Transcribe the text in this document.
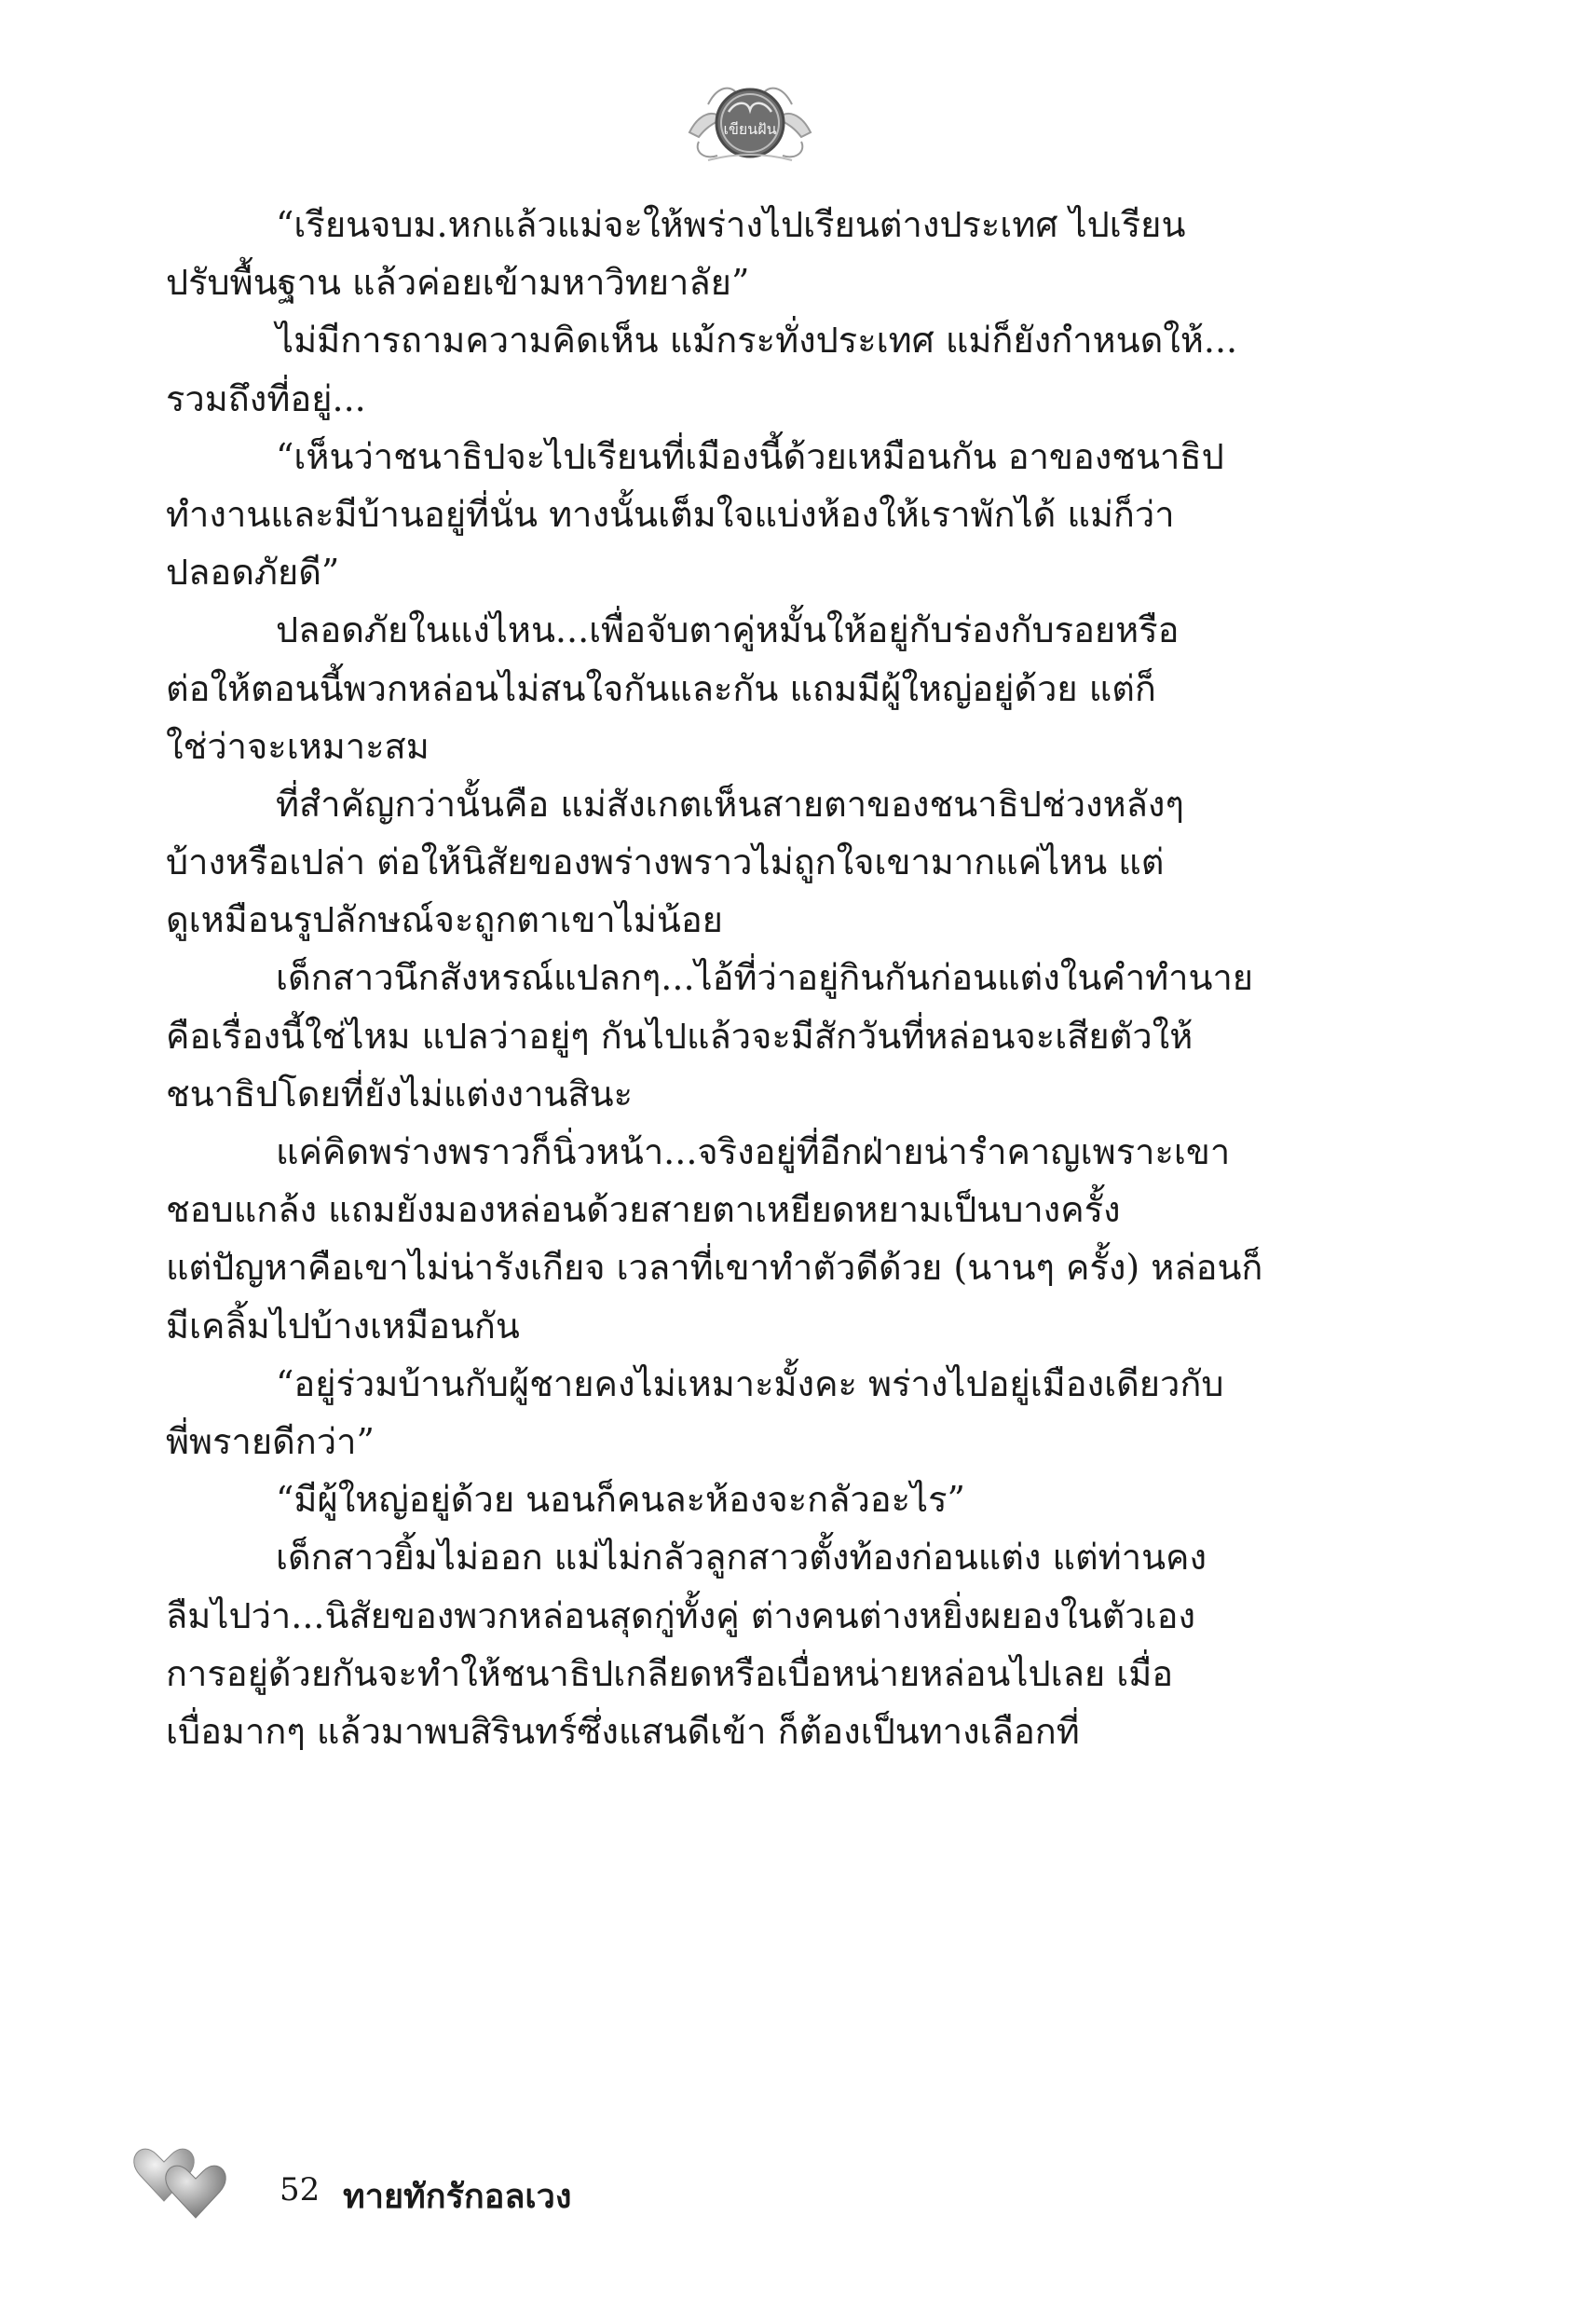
เขียนฝัน
“เรียนจบม.หกแล้วแม่จะให้พร่างไปเรียนต่างประเทศ ไปเรียน
ปรับพื้นฐาน แล้วค่อยเข้ามหาวิทยาลัย”
ไม่มีการถามความคิดเห็น แม้กระทั่งประเทศ แม่ก็ยังกำหนดให้...
รวมถึงที่อยู่...
“เห็นว่าชนาธิปจะไปเรียนที่เมืองนี้ด้วยเหมือนกัน อาของชนาธิป
ทำงานและมีบ้านอยู่ที่นั่น ทางนั้นเต็มใจแบ่งห้องให้เราพักได้ แม่ก็ว่า
ปลอดภัยดี”
ปลอดภัยในแง่ไหน...เพื่อจับตาคู่หมั้นให้อยู่กับร่องกับรอยหรือ
ต่อให้ตอนนี้พวกหล่อนไม่สนใจกันและกัน แถมมีผู้ใหญ่อยู่ด้วย แต่ก็
ใช่ว่าจะเหมาะสม
ที่สำคัญกว่านั้นคือ แม่สังเกตเห็นสายตาของชนาธิปช่วงหลังๆ
บ้างหรือเปล่า ต่อให้นิสัยของพร่างพราวไม่ถูกใจเขามากแค่ไหน แต่
ดูเหมือนรูปลักษณ์จะถูกตาเขาไม่น้อย
เด็กสาวนึกสังหรณ์แปลกๆ...ไอ้ที่ว่าอยู่กินกันก่อนแต่งในคำทำนาย
คือเรื่องนี้ใช่ไหม แปลว่าอยู่ๆ กันไปแล้วจะมีสักวันที่หล่อนจะเสียตัวให้
ชนาธิปโดยที่ยังไม่แต่งงานสินะ
แค่คิดพร่างพราวก็นิ่วหน้า...จริงอยู่ที่อีกฝ่ายน่ารำคาญเพราะเขา
ชอบแกล้ง แถมยังมองหล่อนด้วยสายตาเหยียดหยามเป็นบางครั้ง
แต่ปัญหาคือเขาไม่น่ารังเกียจ เวลาที่เขาทำตัวดีด้วย (นานๆ ครั้ง) หล่อนก็
มีเคลิ้มไปบ้างเหมือนกัน
“อยู่ร่วมบ้านกับผู้ชายคงไม่เหมาะมั้งคะ พร่างไปอยู่เมืองเดียวกับ
พี่พรายดีกว่า”
“มีผู้ใหญ่อยู่ด้วย นอนก็คนละห้องจะกลัวอะไร”
เด็กสาวยิ้มไม่ออก แม่ไม่กลัวลูกสาวตั้งท้องก่อนแต่ง แต่ท่านคง
ลืมไปว่า...นิสัยของพวกหล่อนสุดกู่ทั้งคู่ ต่างคนต่างหยิ่งผยองในตัวเอง
การอยู่ด้วยกันจะทำให้ชนาธิปเกลียดหรือเบื่อหน่ายหล่อนไปเลย เมื่อ
เบื่อมากๆ แล้วมาพบสิรินทร์ซึ่งแสนดีเข้า ก็ต้องเป็นทางเลือกที่
52 ทายทักรักอลเวง
